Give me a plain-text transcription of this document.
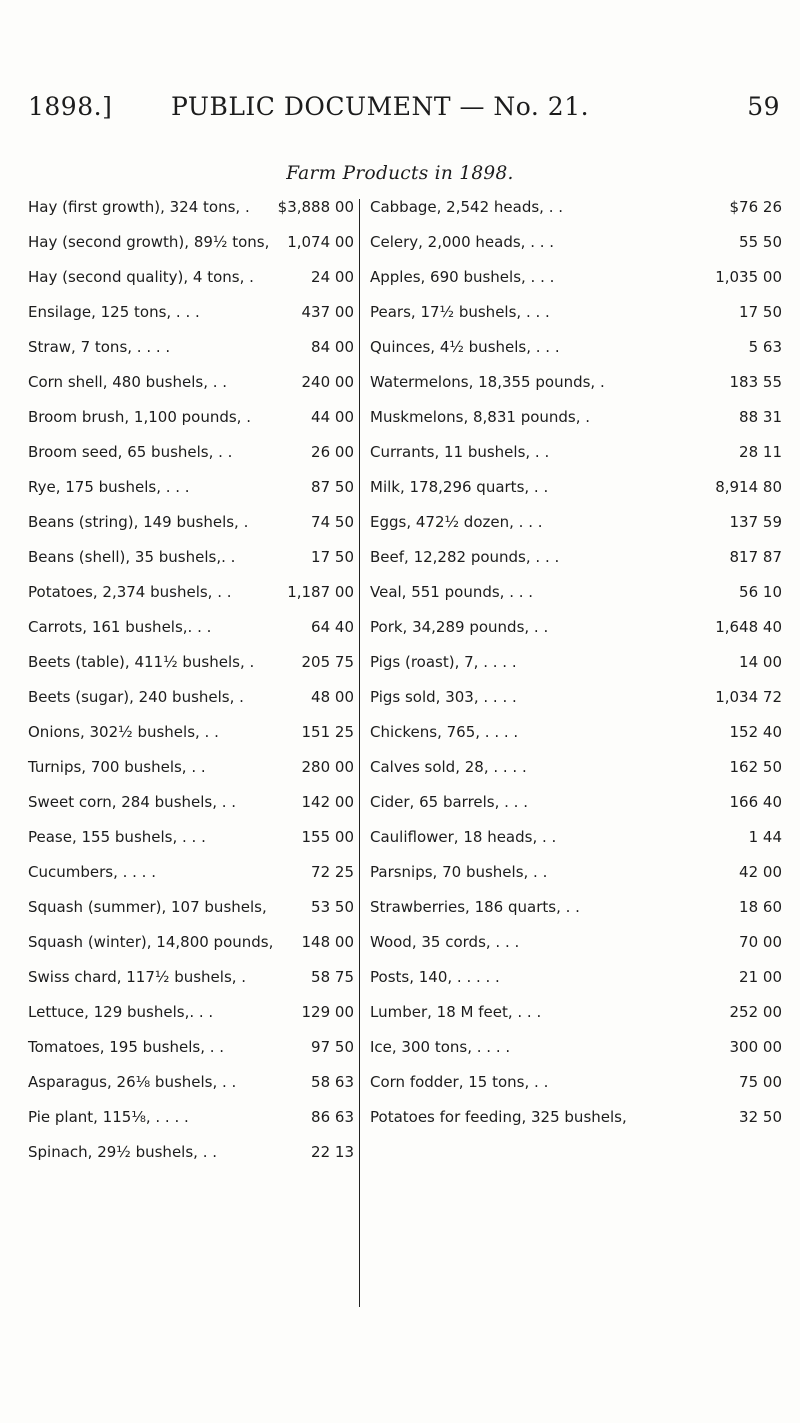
1898.] PUBLIC DOCUMENT — No. 21.	59
Farm Products in 1898.
Hay (first growth), 324 tons, . $3,888 00
Hay (second growth), 89½ tons, 1,074 00
Hay (second quality), 4 tons, .	24 00
Ensilage, 125 tons, . . .	437 00
Straw, 7 tons, . . . .	84 00
Corn shell, 480 bushels, . .	240 00
Broom brush, 1,100 pounds, .	44 00
Broom seed, 65 bushels, . .	26 00
Rye, 175 bushels, . . .	87 50
Beans (string), 149 bushels, .	74 50
Beans (shell), 35 bushels,. .	17 50
Potatoes, 2,374 bushels, . .	1,187 00
Carrots, 161 bushels,. . .	64 40
Beets (table), 411½ bushels, .	205 75
Beets (sugar), 240 bushels, .	48 00
Onions, 302½ bushels, . .	151 25
Turnips, 700 bushels, . .	280 00
Sweet corn, 284 bushels, . .	142 00
Pease, 155 bushels, . . .	155 00
Cucumbers, . . . .	72 25
Squash (summer), 107 bushels,	53 50
Squash (winter), 14,800 pounds, 148 00
Swiss chard, 117½ bushels, .	58 75
Lettuce, 129 bushels,. . .	129 00
Tomatoes, 195 bushels, . .	97 50
Asparagus, 26⅛ bushels, . .	58 63
Pie plant, 115⅛, . . . .	86 63
Spinach, 29½ bushels, . .	22 13
Cabbage, 2,542 heads, . .	$76 26
Celery, 2,000 heads, . . .	55 50
Apples, 690 bushels, . . .	1,035 00
Pears, 17½ bushels, . . .	17 50
Quinces, 4½ bushels, . . .	5 63
Watermelons, 18,355 pounds, .	183 55
Muskmelons, 8,831 pounds, .	88 31
Currants, 11 bushels, . .	28 11
Milk, 178,296 quarts, . .	8,914 80
Eggs, 472½ dozen, . . .	137 59
Beef, 12,282 pounds, . . .	817 87
Veal, 551 pounds, . . .	56 10
Pork, 34,289 pounds, . .	1,648 40
Pigs (roast), 7, . . . .	14 00
Pigs sold, 303, . . . .	1,034 72
Chickens, 765, . . . .	152 40
Calves sold, 28, . . . .	162 50
Cider, 65 barrels, . . .	166 40
Cauliflower, 18 heads, . .	1 44
Parsnips, 70 bushels, . .	42 00
Strawberries, 186 quarts, . .	18 60
Wood, 35 cords, . . .	70 00
Posts, 140, . . . . .	21 00
Lumber, 18 M feet, . . .	252 00
Ice, 300 tons, . . . .	300 00
Corn fodder, 15 tons, . .	75 00
Potatoes for feeding, 325 bushels,	32 50
